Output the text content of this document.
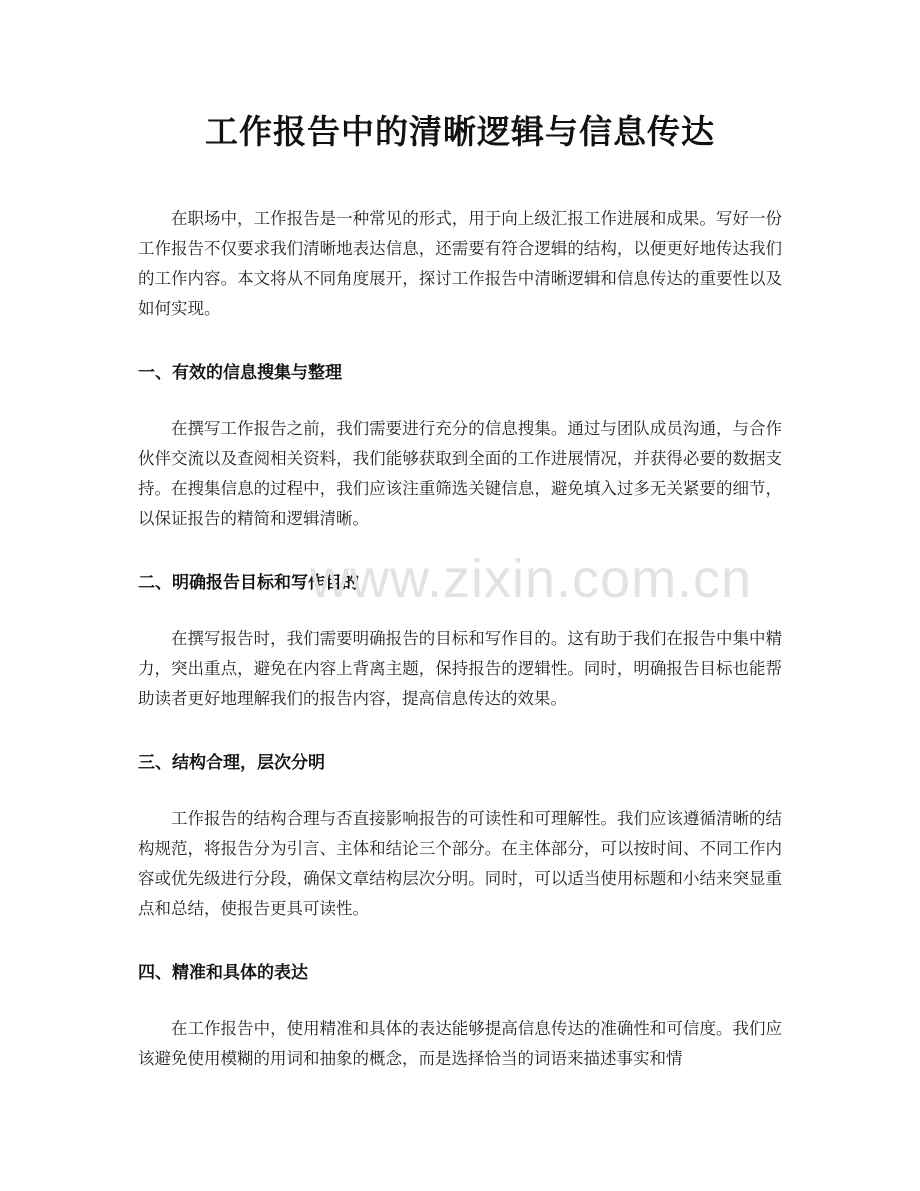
工作报告中的清晰逻辑与信息传达

在职场中，工作报告是一种常见的形式，用于向上级汇报工作进展和成果。写好一份工作报告不仅要求我们清晰地表达信息，还需要有符合逻辑的结构，以便更好地传达我们的工作内容。本文将从不同角度展开，探讨工作报告中清晰逻辑和信息传达的重要性以及如何实现。

一、有效的信息搜集与整理

在撰写工作报告之前，我们需要进行充分的信息搜集。通过与团队成员沟通，与合作伙伴交流以及查阅相关资料，我们能够获取到全面的工作进展情况，并获得必要的数据支持。在搜集信息的过程中，我们应该注重筛选关键信息，避免填入过多无关紧要的细节，以保证报告的精简和逻辑清晰。

二、明确报告目标和写作目的

在撰写报告时，我们需要明确报告的目标和写作目的。这有助于我们在报告中集中精力，突出重点，避免在内容上背离主题，保持报告的逻辑性。同时，明确报告目标也能帮助读者更好地理解我们的报告内容，提高信息传达的效果。

三、结构合理，层次分明

工作报告的结构合理与否直接影响报告的可读性和可理解性。我们应该遵循清晰的结构规范，将报告分为引言、主体和结论三个部分。在主体部分，可以按时间、不同工作内容或优先级进行分段，确保文章结构层次分明。同时，可以适当使用标题和小结来突显重点和总结，使报告更具可读性。

四、精准和具体的表达

在工作报告中，使用精准和具体的表达能够提高信息传达的准确性和可信度。我们应该避免使用模糊的用词和抽象的概念，而是选择恰当的词语来描述事实和情

www.zixin.com.cn
